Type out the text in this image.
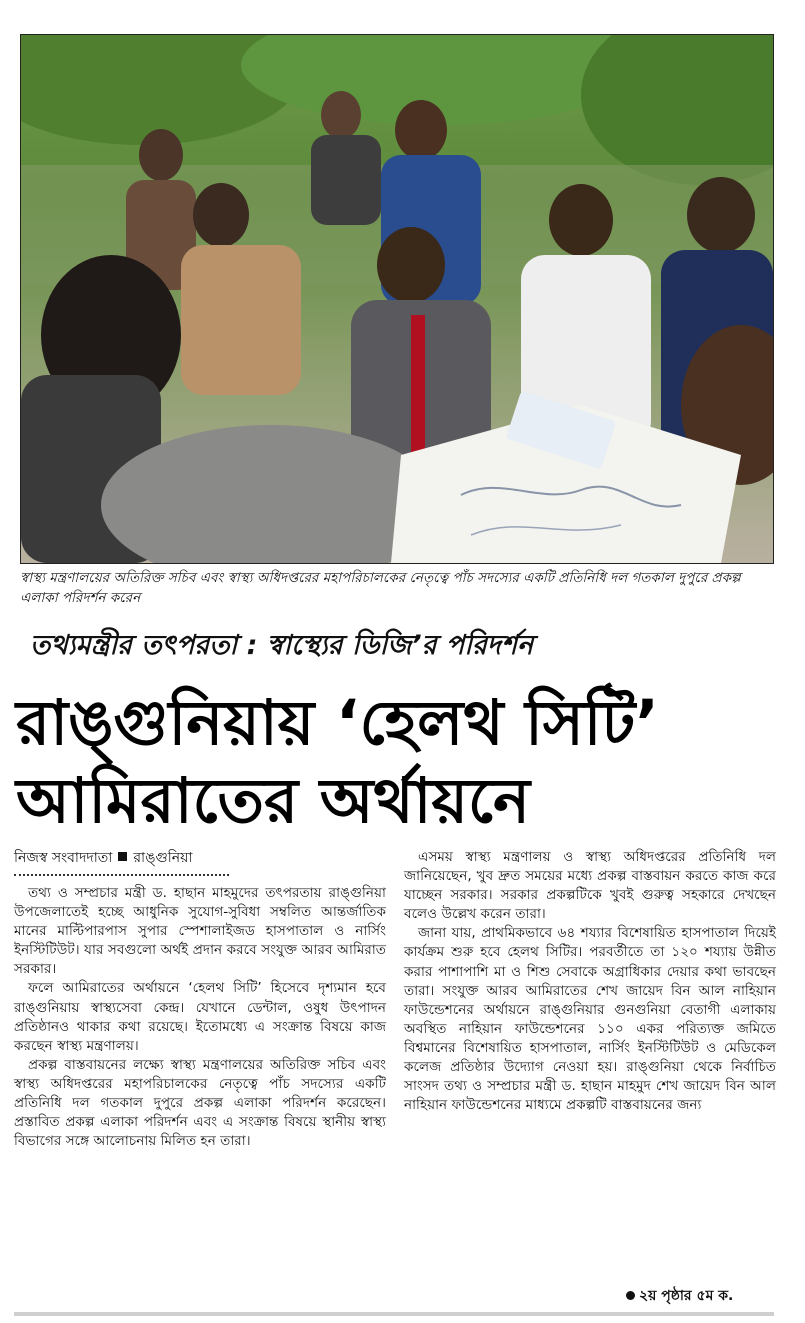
স্বাস্থ্য মন্ত্রণালয়ের অতিরিক্ত সচিব এবং স্বাস্থ্য অধিদপ্তরের মহাপরিচালকের নেতৃত্বে পাঁচ সদস্যের একটি প্রতিনিধি দল গতকাল দুপুরে প্রকল্প এলাকা পরিদর্শন করেন
তথ্যমন্ত্রীর তৎপরতা : স্বাস্থ্যের ডিজি’র পরিদর্শন
রাঙ্গুনিয়ায় ‘হেলথ সিটি’
আমিরাতের অর্থায়নে
নিজস্ব সংবাদদাতা রাঙ্গুনিয়া

তথ্য ও সম্প্রচার মন্ত্রী ড. হাছান মাহমুদের তৎপরতায় রাঙ্গুনিয়া উপজেলাতেই হচ্ছে আধুনিক সুযোগ-সুবিধা সম্বলিত আন্তর্জাতিক মানের মাল্টিপারপাস সুপার স্পেশালাইজড হাসপাতাল ও নার্সিং ইনস্টিটিউট। যার সবগুলো অর্থই প্রদান করবে সংযুক্ত আরব আমিরাত সরকার।

ফলে আমিরাতের অর্থায়নে ‘হেলথ সিটি’ হিসেবে দৃশ্যমান হবে রাঙ্গুনিয়ায় স্বাস্থ্যসেবা কেন্দ্র। যেখানে ডেন্টাল, ওষুধ উৎপাদন প্রতিষ্ঠানও থাকার কথা রয়েছে। ইতোমধ্যে এ সংক্রান্ত বিষয়ে কাজ করছেন স্বাস্থ্য মন্ত্রণালয়।

প্রকল্প বাস্তবায়নের লক্ষ্যে স্বাস্থ্য মন্ত্রণালয়ের অতিরিক্ত সচিব এবং স্বাস্থ্য অধিদপ্তরের মহাপরিচালকের নেতৃত্বে পাঁচ সদস্যের একটি প্রতিনিধি দল গতকাল দুপুরে প্রকল্প এলাকা পরিদর্শন করেছেন। প্রস্তাবিত প্রকল্প এলাকা পরিদর্শন এবং এ সংক্রান্ত বিষয়ে স্থানীয় স্বাস্থ্য বিভাগের সঙ্গে আলোচনায় মিলিত হন তারা।

এসময় স্বাস্থ্য মন্ত্রণালয় ও স্বাস্থ্য অধিদপ্তরের প্রতিনিধি দল জানিয়েছেন, খুব দ্রুত সময়ের মধ্যে প্রকল্প বাস্তবায়ন করতে কাজ করে যাচ্ছেন সরকার। সরকার প্রকল্পটিকে খুবই গুরুত্ব সহকারে দেখছেন বলেও উল্লেখ করেন তারা।

জানা যায়, প্রাথমিকভাবে ৬৪ শয্যার বিশেষায়িত হাসপাতাল দিয়েই কার্যক্রম শুরু হবে হেলথ সিটির। পরবর্তীতে তা ১২০ শয্যায় উন্নীত করার পাশাপাশি মা ও শিশু সেবাকে অগ্রাধিকার দেয়ার কথা ভাবছেন তারা। সংযুক্ত আরব আমিরাতের শেখ জায়েদ বিন আল নাহিয়ান ফাউন্ডেশনের অর্থায়নে রাঙ্গুনিয়ার গুনগুনিয়া বেতাগী এলাকায় অবস্থিত নাহিয়ান ফাউন্ডেশনের ১১০ একর পরিত্যক্ত জমিতে বিশ্বমানের বিশেষায়িত হাসপাতাল, নার্সিং ইনস্টিটিউট ও মেডিকেল কলেজ প্রতিষ্ঠার উদ্যোগ নেওয়া হয়। রাঙ্গুনিয়া থেকে নির্বাচিত সাংসদ তথ্য ও সম্প্রচার মন্ত্রী ড. হাছান মাহমুদ শেখ জায়েদ বিন আল নাহিয়ান ফাউন্ডেশনের মাধ্যমে প্রকল্পটি বাস্তবায়নের জন্য

২য় পৃষ্ঠার ৫ম ক.
